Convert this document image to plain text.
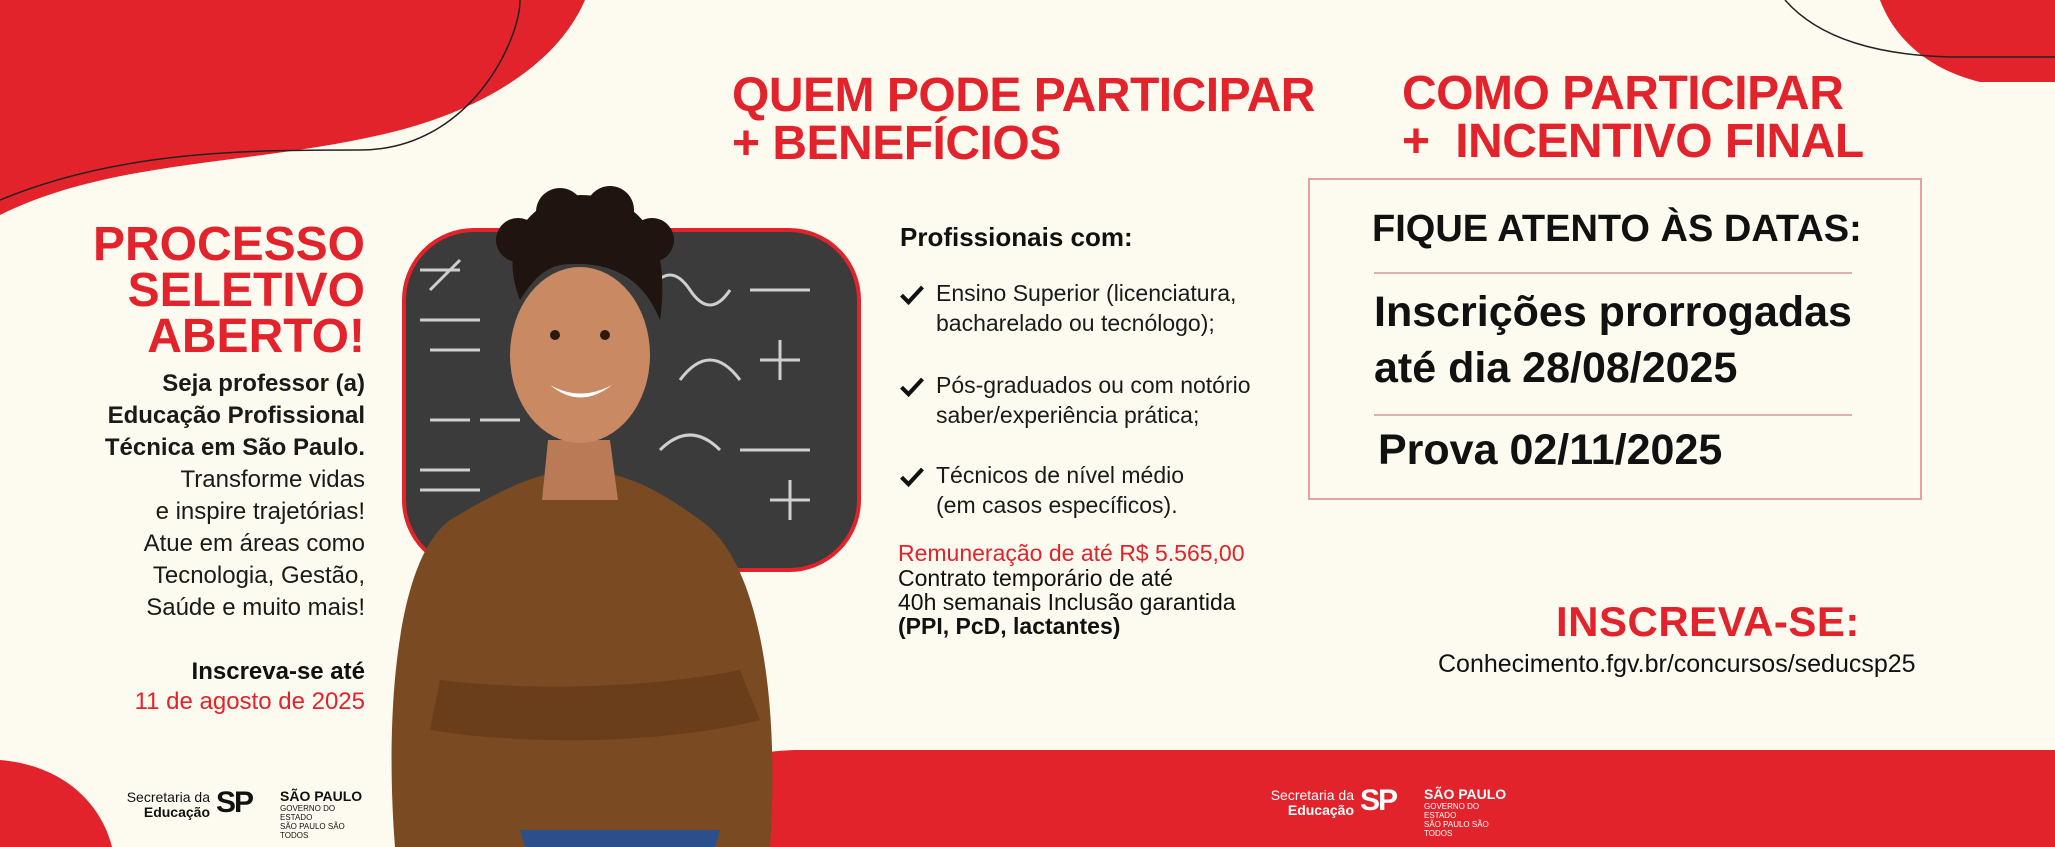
PROCESSO
SELETIVO
ABERTO!
Seja professor (a)
Educação Profissional
Técnica em São Paulo.
Transforme vidas
e inspire trajetórias!
Atue em áreas como
Tecnologia, Gestão,
Saúde e muito mais!
Inscreva-se até
11 de agosto de 2025
QUEM PODE PARTICIPAR
+ BENEFÍCIOS
Profissionais com:
Ensino Superior (licenciatura,
bacharelado ou tecnólogo);
Pós-graduados ou com notório
saber/experiência prática;
Técnicos de nível médio
(em casos específicos).
Remuneração de até R$ 5.565,00
Contrato temporário de até
40h semanais Inclusão garantida
(PPI, PcD, lactantes)
COMO PARTICIPAR
+  INCENTIVO FINAL
FIQUE ATENTO ÀS DATAS:
Inscrições prorrogadas
até dia 28/08/2025
Prova 02/11/2025
INSCREVA-SE:
Conhecimento.fgv.br/concursos/seducsp25
Secretaria da
Educação SP SÃO PAULO
GOVERNO DO ESTADO
SÃO PAULO SÃO TODOS
Secretaria da
Educação SP SÃO PAULO
GOVERNO DO ESTADO
SÃO PAULO SÃO TODOS
